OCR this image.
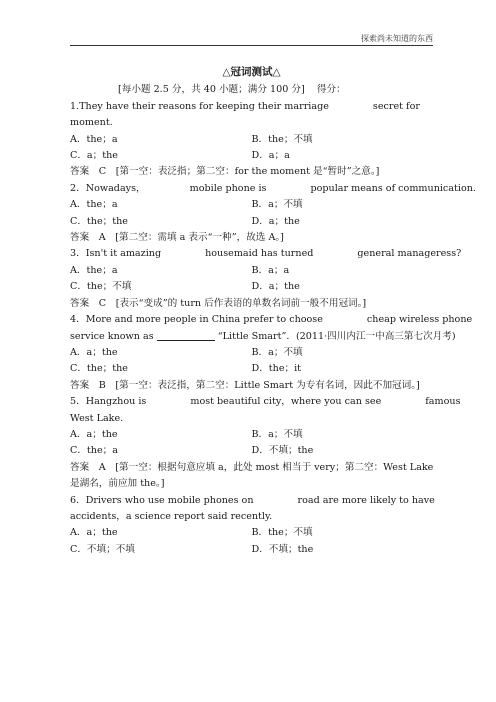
探索尚未知道的东西
△冠词测试△
[每小题 2.5 分，共 40 小题；满分 100 分]    得分：
1.They have their reasons for keeping their marriage	secret for
moment.
A．the；a	B．the；不填
C．a；the	D．a；a
答案　C　[第一空：表泛指；第二空：for the moment 是“暂时”之意。]
2．Nowadays，	mobile phone is	popular means of communication.
A．the；a	B．a；不填
C．the；the	D．a；the
答案　A　[第二空：需填 a 表示“一种”，故选 A。]
3．Isn't it amazing	housemaid has turned	general manageress?
A．the；a	B．a；a
C．the；不填	D．a；the
答案　C　[表示“变成”的 turn 后作表语的单数名词前一般不用冠词。]
4．More and more people in China prefer to choose	cheap wireless phone
service known as	“Little Smart”．(2011·四川内江一中高三第七次月考)
A．a；the	B．a；不填
C．the；the	D．the；it
答案　B　[第一空：表泛指，第二空：Little Smart 为专有名词，因此不加冠词。]
5．Hangzhou is	most beautiful city，where you can see	famous
West Lake.
A．a；the	B．a；不填
C．the；a	D．不填；the
答案　A　[第一空：根据句意应填 a，此处 most 相当于 very；第二空：West Lake
是湖名，前应加 the。]
6．Drivers who use mobile phones on	road are more likely to have
accidents，a science report said recently.
A．a；the	B．the；不填
C．不填；不填	D．不填；the
